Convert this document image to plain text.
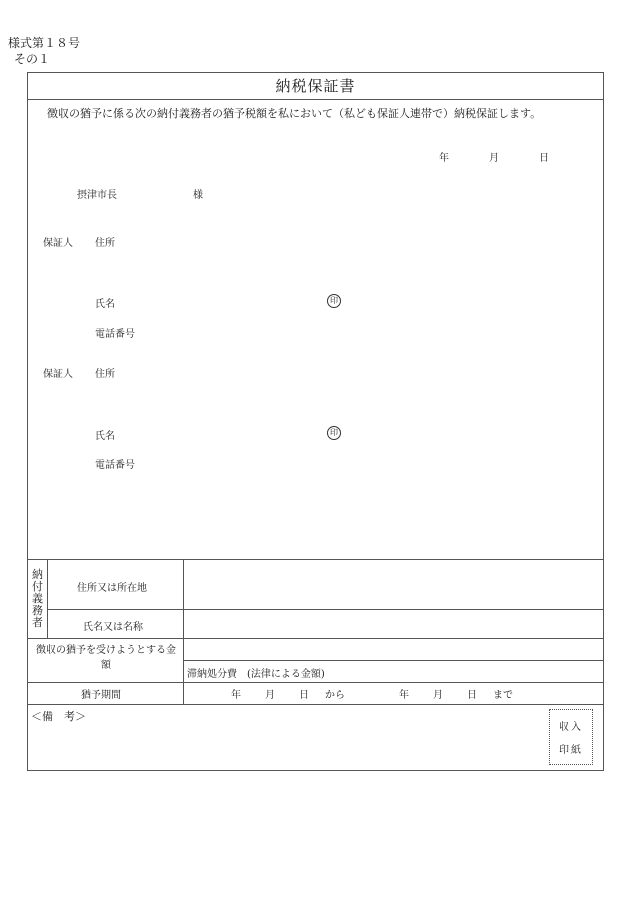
様式第１８号
その１
納税保証書
徴収の猶予に係る次の納付義務者の猶予税額を私において（私ども保証人連帯で）納税保証します。
年	月	日
摂津市長	様
保証人 住所
氏名	印
電話番号
保証人 住所
氏名	印
電話番号
納
付
義
務
者
住所又は所在地
氏名又は名称
徴収の猶予を受けようとする金額
滞納処分費　(法律による金額)
猶予期間	年 月 日 から	年 月 日 まで
＜備　考＞
収入
印紙
